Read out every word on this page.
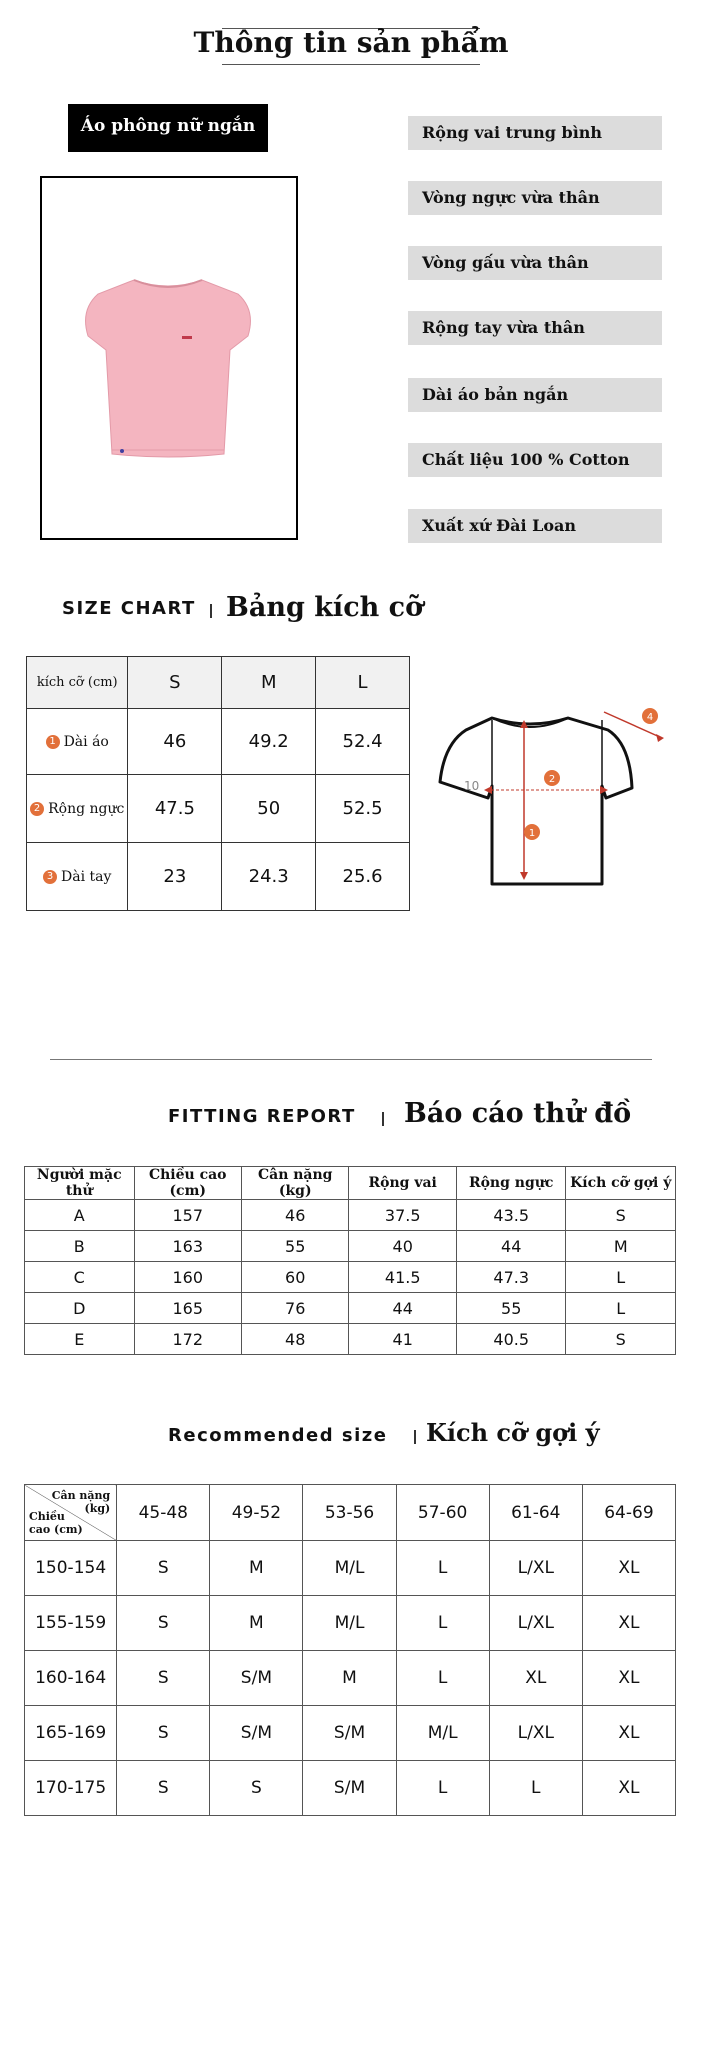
Thông tin sản phẩm
Áo phông nữ ngắn tay
Rộng vai trung bình
Vòng ngực vừa thân
Vòng gấu vừa thân
Rộng tay vừa thân
Dài áo bản ngắn
Chất liệu 100 % Cotton
Xuất xứ Đài Loan
SIZE CHART Bảng kích cỡ
kích cỡ (cm)	S	M	L
1 Dài áo	46	49.2	52.4
2 Rộng ngực	47.5	50	52.5
3 Dài tay	23	24.3	25.6
1
2
4
10
FITTING REPORT Báo cáo thử đồ
Người mặc thử	Chiều cao (cm)	Cân nặng (kg)	Rộng vai	Rộng ngực	Kích cỡ gợi ý
A	157	46	37.5	43.5	S
B	163	55	40	44	M
C	160	60	41.5	47.3	L
D	165	76	44	55	L
E	172	48	41	40.5	S
Recommended size Kích cỡ gợi ý
Cân nặng (kg)
Chiều cao (cm)	45-48	49-52	53-56	57-60	61-64	64-69
150-154	S	M	M/L	L	L/XL	XL
155-159	S	M	M/L	L	L/XL	XL
160-164	S	S/M	M	L	XL	XL
165-169	S	S/M	S/M	M/L	L/XL	XL
170-175	S	S	S/M	L	L	XL
